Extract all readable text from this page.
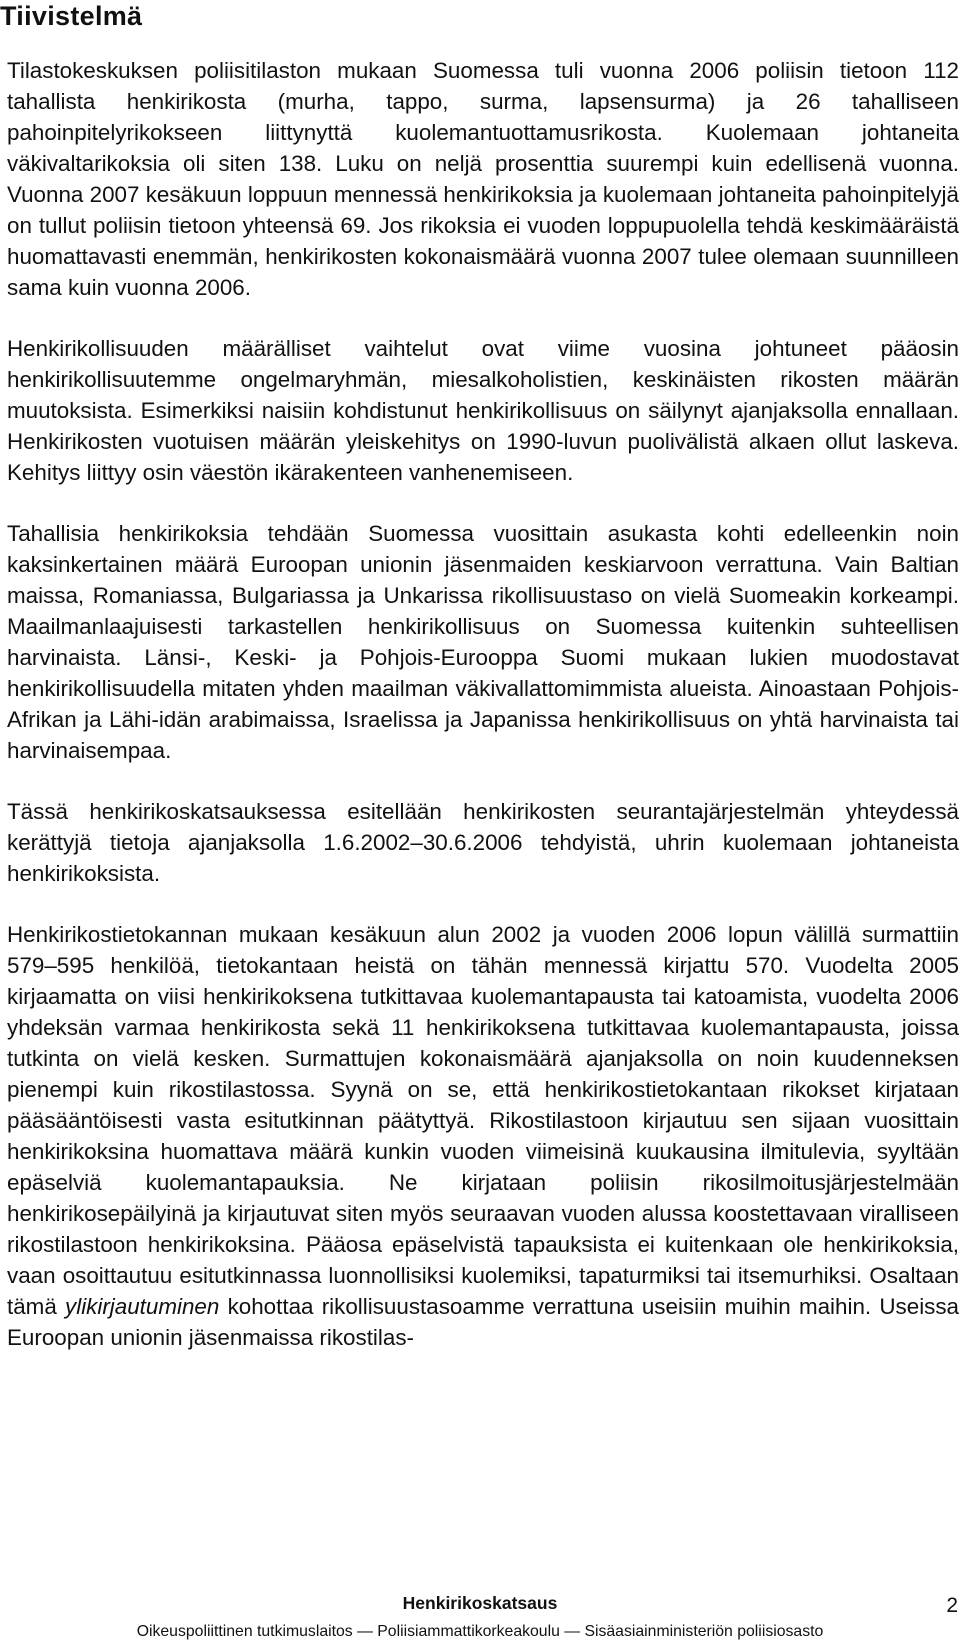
Tiivistelmä

Tilastokeskuksen poliisitilaston mukaan Suomessa tuli vuonna 2006 poliisin tietoon 112 tahallista henkirikosta (murha, tappo, surma, lapsensurma) ja 26 tahalliseen pahoinpitelyrikokseen liittynyttä kuolemantuottamusrikosta. Kuolemaan johtaneita väkivaltarikoksia oli siten 138. Luku on neljä prosenttia suurempi kuin edellisenä vuonna. Vuonna 2007 kesäkuun loppuun mennessä henkirikoksia ja kuolemaan johtaneita pahoinpitelyjä on tullut poliisin tietoon yhteensä 69. Jos rikoksia ei vuoden loppupuolella tehdä keskimääräistä huomattavasti enemmän, henkirikosten kokonaismäärä vuonna 2007 tulee olemaan suunnilleen sama kuin vuonna 2006.

Henkirikollisuuden määrälliset vaihtelut ovat viime vuosina johtuneet pääosin henkirikollisuutemme ongelmaryhmän, miesalkoholistien, keskinäisten rikosten määrän muutoksista. Esimerkiksi naisiin kohdistunut henkirikollisuus on säilynyt ajanjaksolla ennallaan. Henkirikosten vuotuisen määrän yleiskehitys on 1990-luvun puolivälistä alkaen ollut laskeva. Kehitys liittyy osin väestön ikärakenteen vanhenemiseen.

Tahallisia henkirikoksia tehdään Suomessa vuosittain asukasta kohti edelleenkin noin kaksinkertainen määrä Euroopan unionin jäsenmaiden keskiarvoon verrattuna. Vain Baltian maissa, Romaniassa, Bulgariassa ja Unkarissa rikollisuustaso on vielä Suomeakin korkeampi. Maailmanlaajuisesti tarkastellen henkirikollisuus on Suomessa kuitenkin suhteellisen harvinaista. Länsi-, Keski- ja Pohjois-Eurooppa Suomi mukaan lukien muodostavat henkirikollisuudella mitaten yhden maailman väkivallattomimmista alueista. Ainoastaan Pohjois-Afrikan ja Lähi-idän arabimaissa, Israelissa ja Japanissa henkirikollisuus on yhtä harvinaista tai harvinaisempaa.

Tässä henkirikoskatsauksessa esitellään henkirikosten seurantajärjestelmän yhteydessä kerättyjä tietoja ajanjaksolla 1.6.2002–30.6.2006 tehdyistä, uhrin kuolemaan johtaneista henkirikoksista.

Henkirikostietokannan mukaan kesäkuun alun 2002 ja vuoden 2006 lopun välillä surmattiin 579–595 henkilöä, tietokantaan heistä on tähän mennessä kirjattu 570. Vuodelta 2005 kirjaamatta on viisi henkirikoksena tutkittavaa kuolemantapausta tai katoamista, vuodelta 2006 yhdeksän varmaa henkirikosta sekä 11 henkirikoksena tutkittavaa kuolemantapausta, joissa tutkinta on vielä kesken. Surmattujen kokonaismäärä ajanjaksolla on noin kuudenneksen pienempi kuin rikostilastossa. Syynä on se, että henkirikostietokantaan rikokset kirjataan pääsääntöisesti vasta esitutkinnan päätyttyä. Rikostilastoon kirjautuu sen sijaan vuosittain henkirikoksina huomattava määrä kunkin vuoden viimeisinä kuukausina ilmitulevia, syyltään epäselviä kuolemantapauksia. Ne kirjataan poliisin rikosilmoitusjärjestelmään henkirikosepäilyinä ja kirjautuvat siten myös seuraavan vuoden alussa koostettavaan viralliseen rikostilastoon henkirikoksina. Pääosa epäselvistä tapauksista ei kuitenkaan ole henkirikoksia, vaan osoittautuu esitutkinnassa luonnollisiksi kuolemiksi, tapaturmiksi tai itsemurhiksi. Osaltaan tämä ylikirjautuminen kohottaa rikollisuustasoamme verrattuna useisiin muihin maihin. Useissa Euroopan unionin jäsenmaissa rikostilas-

Henkirikoskatsaus	2
Oikeuspoliittinen tutkimuslaitos — Poliisiammattikorkeakoulu — Sisäasiainministeriön poliisiosasto
